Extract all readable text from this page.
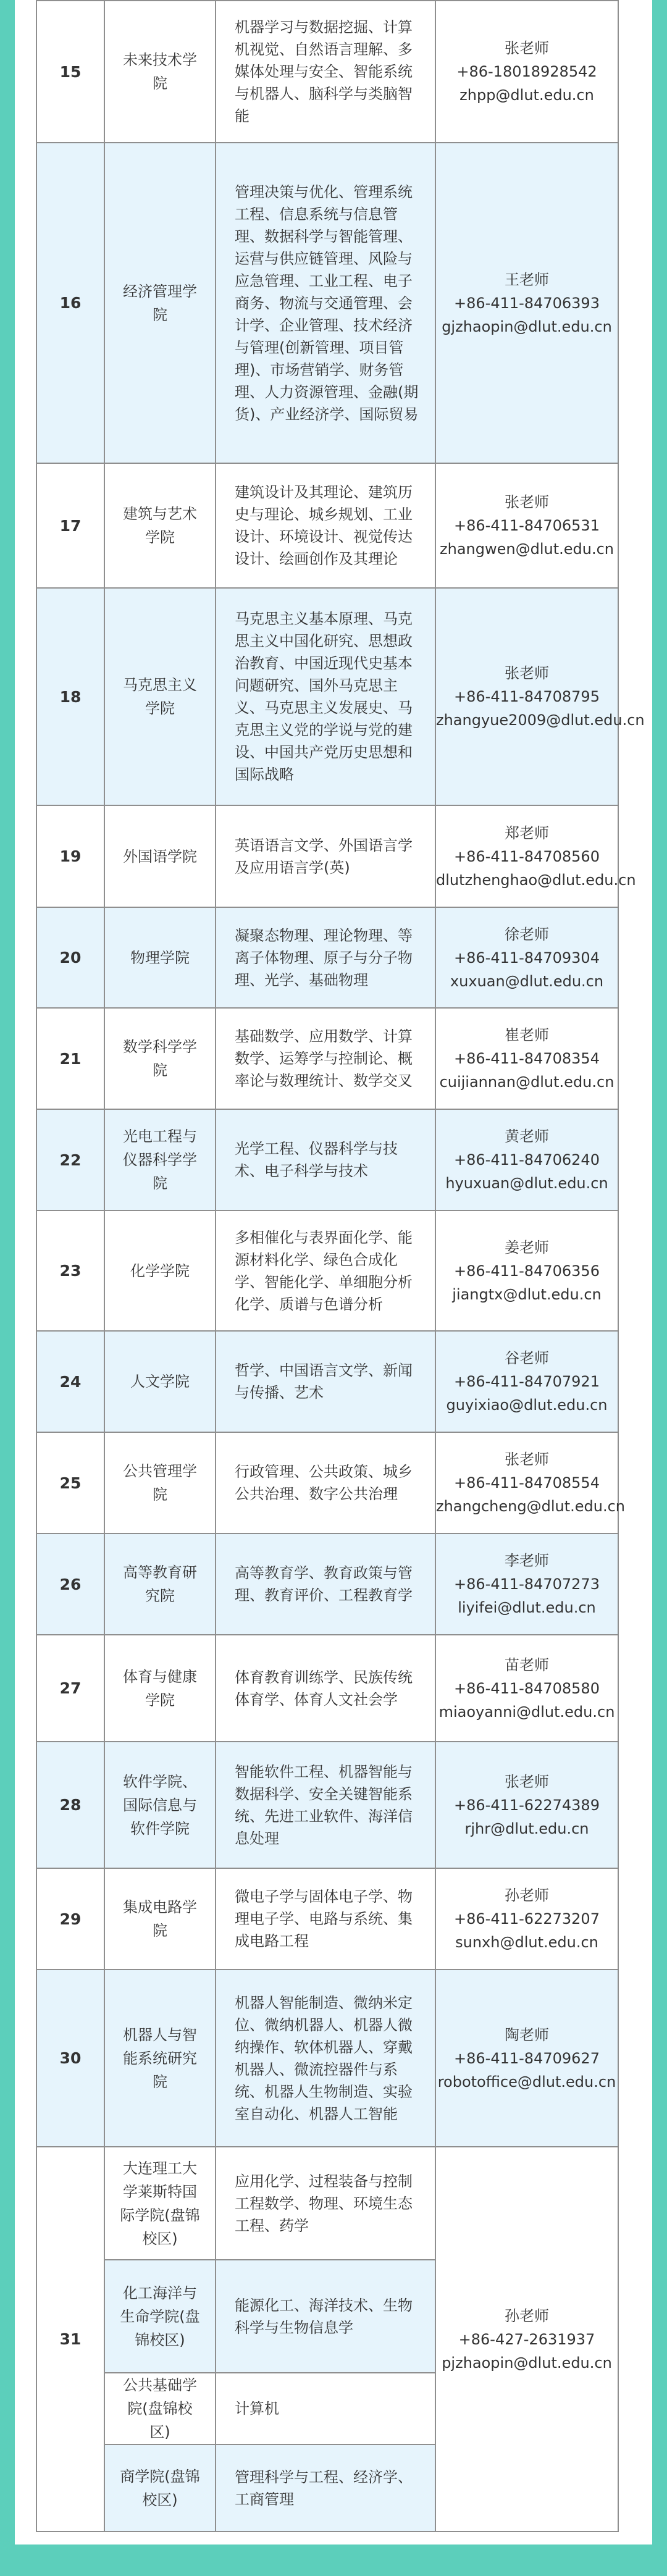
15	未来技术学院	机器学习与数据挖掘、计算机视觉、自然语言理解、多媒体处理与安全、智能系统与机器人、脑科学与类脑智能	张老师
+86-18018928542
zhpp@dlut.edu.cn

16	经济管理学院	管理决策与优化、管理系统工程、信息系统与信息管理、数据科学与智能管理、运营与供应链管理、风险与应急管理、工业工程、电子商务、物流与交通管理、会计学、企业管理、技术经济与管理(创新管理、项目管理)、市场营销学、财务管理、人力资源管理、金融(期货)、产业经济学、国际贸易	王老师
+86-411-84706393
gjzhaopin@dlut.edu.cn

17	建筑与艺术学院	建筑设计及其理论、建筑历史与理论、城乡规划、工业设计、环境设计、视觉传达设计、绘画创作及其理论	张老师
+86-411-84706531
zhangwen@dlut.edu.cn

18	马克思主义学院	马克思主义基本原理、马克思主义中国化研究、思想政治教育、中国近现代史基本问题研究、国外马克思主义、马克思主义发展史、马克思主义党的学说与党的建设、中国共产党历史思想和国际战略	张老师
+86-411-84708795
zhangyue2009@dlut.edu.cn

19	外国语学院	英语语言文学、外国语言学及应用语言学(英)	郑老师
+86-411-84708560
dlutzhenghao@dlut.edu.cn

20	物理学院	凝聚态物理、理论物理、等离子体物理、原子与分子物理、光学、基础物理	徐老师
+86-411-84709304
xuxuan@dlut.edu.cn

21	数学科学学院	基础数学、应用数学、计算数学、运筹学与控制论、概率论与数理统计、数学交叉	崔老师
+86-411-84708354
cuijiannan@dlut.edu.cn

22	光电工程与仪器科学学院	光学工程、仪器科学与技术、电子科学与技术	黄老师
+86-411-84706240
hyuxuan@dlut.edu.cn

23	化学学院	多相催化与表界面化学、能源材料化学、绿色合成化学、智能化学、单细胞分析化学、质谱与色谱分析	姜老师
+86-411-84706356
jiangtx@dlut.edu.cn

24	人文学院	哲学、中国语言文学、新闻与传播、艺术	谷老师
+86-411-84707921
guyixiao@dlut.edu.cn

25	公共管理学院	行政管理、公共政策、城乡公共治理、数字公共治理	张老师
+86-411-84708554
zhangcheng@dlut.edu.cn

26	高等教育研究院	高等教育学、教育政策与管理、教育评价、工程教育学	李老师
+86-411-84707273
liyifei@dlut.edu.cn

27	体育与健康学院	体育教育训练学、民族传统体育学、体育人文社会学	苗老师
+86-411-84708580
miaoyanni@dlut.edu.cn

28	软件学院、国际信息与软件学院	智能软件工程、机器智能与数据科学、安全关键智能系统、先进工业软件、海洋信息处理	张老师
+86-411-62274389
rjhr@dlut.edu.cn

29	集成电路学院	微电子学与固体电子学、物理电子学、电路与系统、集成电路工程	孙老师
+86-411-62273207
sunxh@dlut.edu.cn

30	机器人与智能系统研究院	机器人智能制造、微纳米定位、微纳机器人、机器人微纳操作、软体机器人、穿戴机器人、微流控器件与系统、机器人生物制造、实验室自动化、机器人工智能	陶老师
+86-411-84709627
robotoffice@dlut.edu.cn

31	大连理工大学莱斯特国际学院(盘锦校区)	应用化学、过程装备与控制工程数学、物理、环境生态工程、药学	孙老师
+86-427-2631937
pjzhaopin@dlut.edu.cn

	化工海洋与生命学院(盘锦校区)	能源化工、海洋技术、生物科学与生物信息学	
	公共基础学院(盘锦校区)	计算机	
	商学院(盘锦校区)	管理科学与工程、经济学、工商管理	
